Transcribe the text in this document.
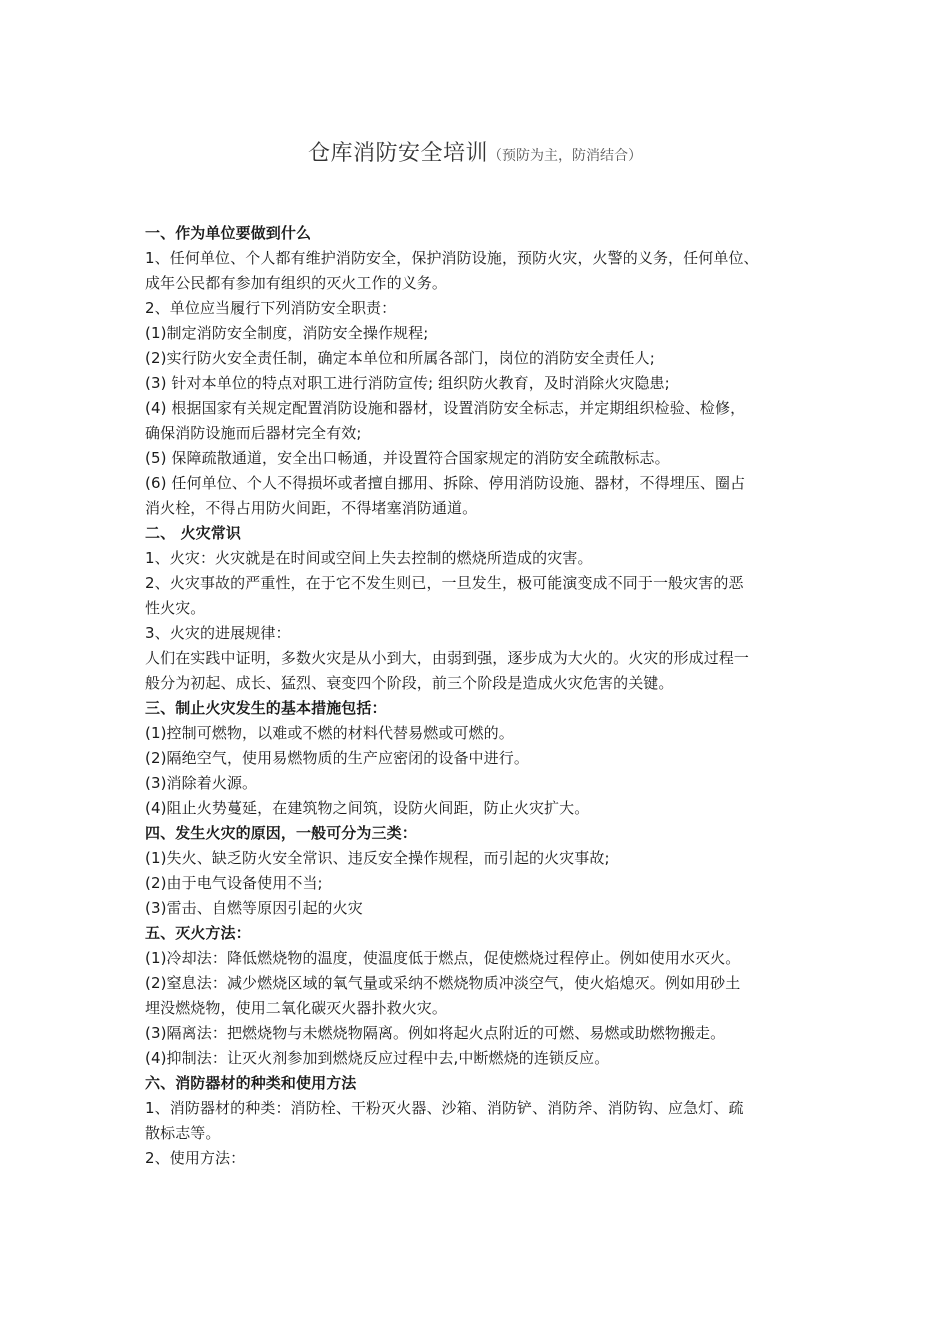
仓库消防安全培训（预防为主，防消结合）
一、作为单位要做到什么
1、任何单位、个人都有维护消防安全，保护消防设施，预防火灾，火警的义务，任何单位、
成年公民都有参加有组织的灭火工作的义务。
2、单位应当履行下列消防安全职责：
(1)制定消防安全制度，消防安全操作规程;
(2)实行防火安全责任制，确定本单位和所属各部门，岗位的消防安全责任人;
(3) 针对本单位的特点对职工进行消防宣传; 组织防火教育，及时消除火灾隐患;
(4) 根据国家有关规定配置消防设施和器材，设置消防安全标志，并定期组织检验、检修，
确保消防设施而后器材完全有效;
(5) 保障疏散通道，安全出口畅通，并设置符合国家规定的消防安全疏散标志。
(6) 任何单位、个人不得损坏或者擅自挪用、拆除、停用消防设施、器材，不得埋压、圈占
消火栓，不得占用防火间距，不得堵塞消防通道。
二、 火灾常识
1、火灾：火灾就是在时间或空间上失去控制的燃烧所造成的灾害。
2、火灾事故的严重性，在于它不发生则已，一旦发生，极可能演变成不同于一般灾害的恶
性火灾。
3、火灾的进展规律：
人们在实践中证明，多数火灾是从小到大，由弱到强，逐步成为大火的。火灾的形成过程一
般分为初起、成长、猛烈、衰变四个阶段，前三个阶段是造成火灾危害的关键。
三、制止火灾发生的基本措施包括：
(1)控制可燃物，以难或不燃的材料代替易燃或可燃的。
(2)隔绝空气，使用易燃物质的生产应密闭的设备中进行。
(3)消除着火源。
(4)阻止火势蔓延，在建筑物之间筑，设防火间距，防止火灾扩大。
四、发生火灾的原因，一般可分为三类：
(1)失火、缺乏防火安全常识、违反安全操作规程，而引起的火灾事故;
(2)由于电气设备使用不当;
(3)雷击、自燃等原因引起的火灾
五、灭火方法：
(1)冷却法：降低燃烧物的温度，使温度低于燃点，促使燃烧过程停止。例如使用水灭火。
(2)窒息法：减少燃烧区域的氧气量或采纳不燃烧物质冲淡空气，使火焰熄灭。例如用砂土
埋没燃烧物，使用二氧化碳灭火器扑救火灾。
(3)隔离法：把燃烧物与未燃烧物隔离。例如将起火点附近的可燃、易燃或助燃物搬走。
(4)抑制法：让灭火剂参加到燃烧反应过程中去,中断燃烧的连锁反应。
六、消防器材的种类和使用方法
1、消防器材的种类：消防栓、干粉灭火器、沙箱、消防铲、消防斧、消防钩、应急灯、疏
散标志等。
2、使用方法：
